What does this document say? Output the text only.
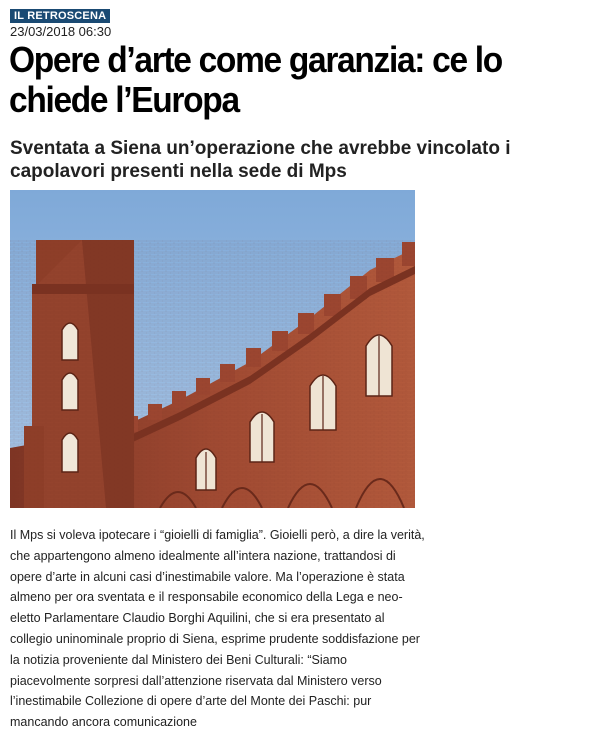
IL RETROSCENA
23/03/2018 06:30
Opere d’arte come garanzia: ce lo chiede l’Europa
Sventata a Siena un’operazione che avrebbe vincolato i capolavori presenti nella sede di Mps

Il Mps si voleva ipotecare i “gioielli di famiglia”. Gioielli però, a dire la verità, che appartengono almeno idealmente all’intera nazione, trattandosi di opere d’arte in alcuni casi d’inestimabile valore. Ma l’operazione è stata almeno per ora sventata e il responsabile economico della Lega e neo-eletto Parlamentare Claudio Borghi Aquilini, che si era presentato al collegio uninominale proprio di Siena, esprime prudente soddisfazione per la notizia proveniente dal Ministero dei Beni Culturali: “Siamo piacevolmente sorpresi dall’attenzione riservata dal Ministero verso l’inestimabile Collezione di opere d’arte del Monte dei Paschi: pur mancando ancora comunicazione
